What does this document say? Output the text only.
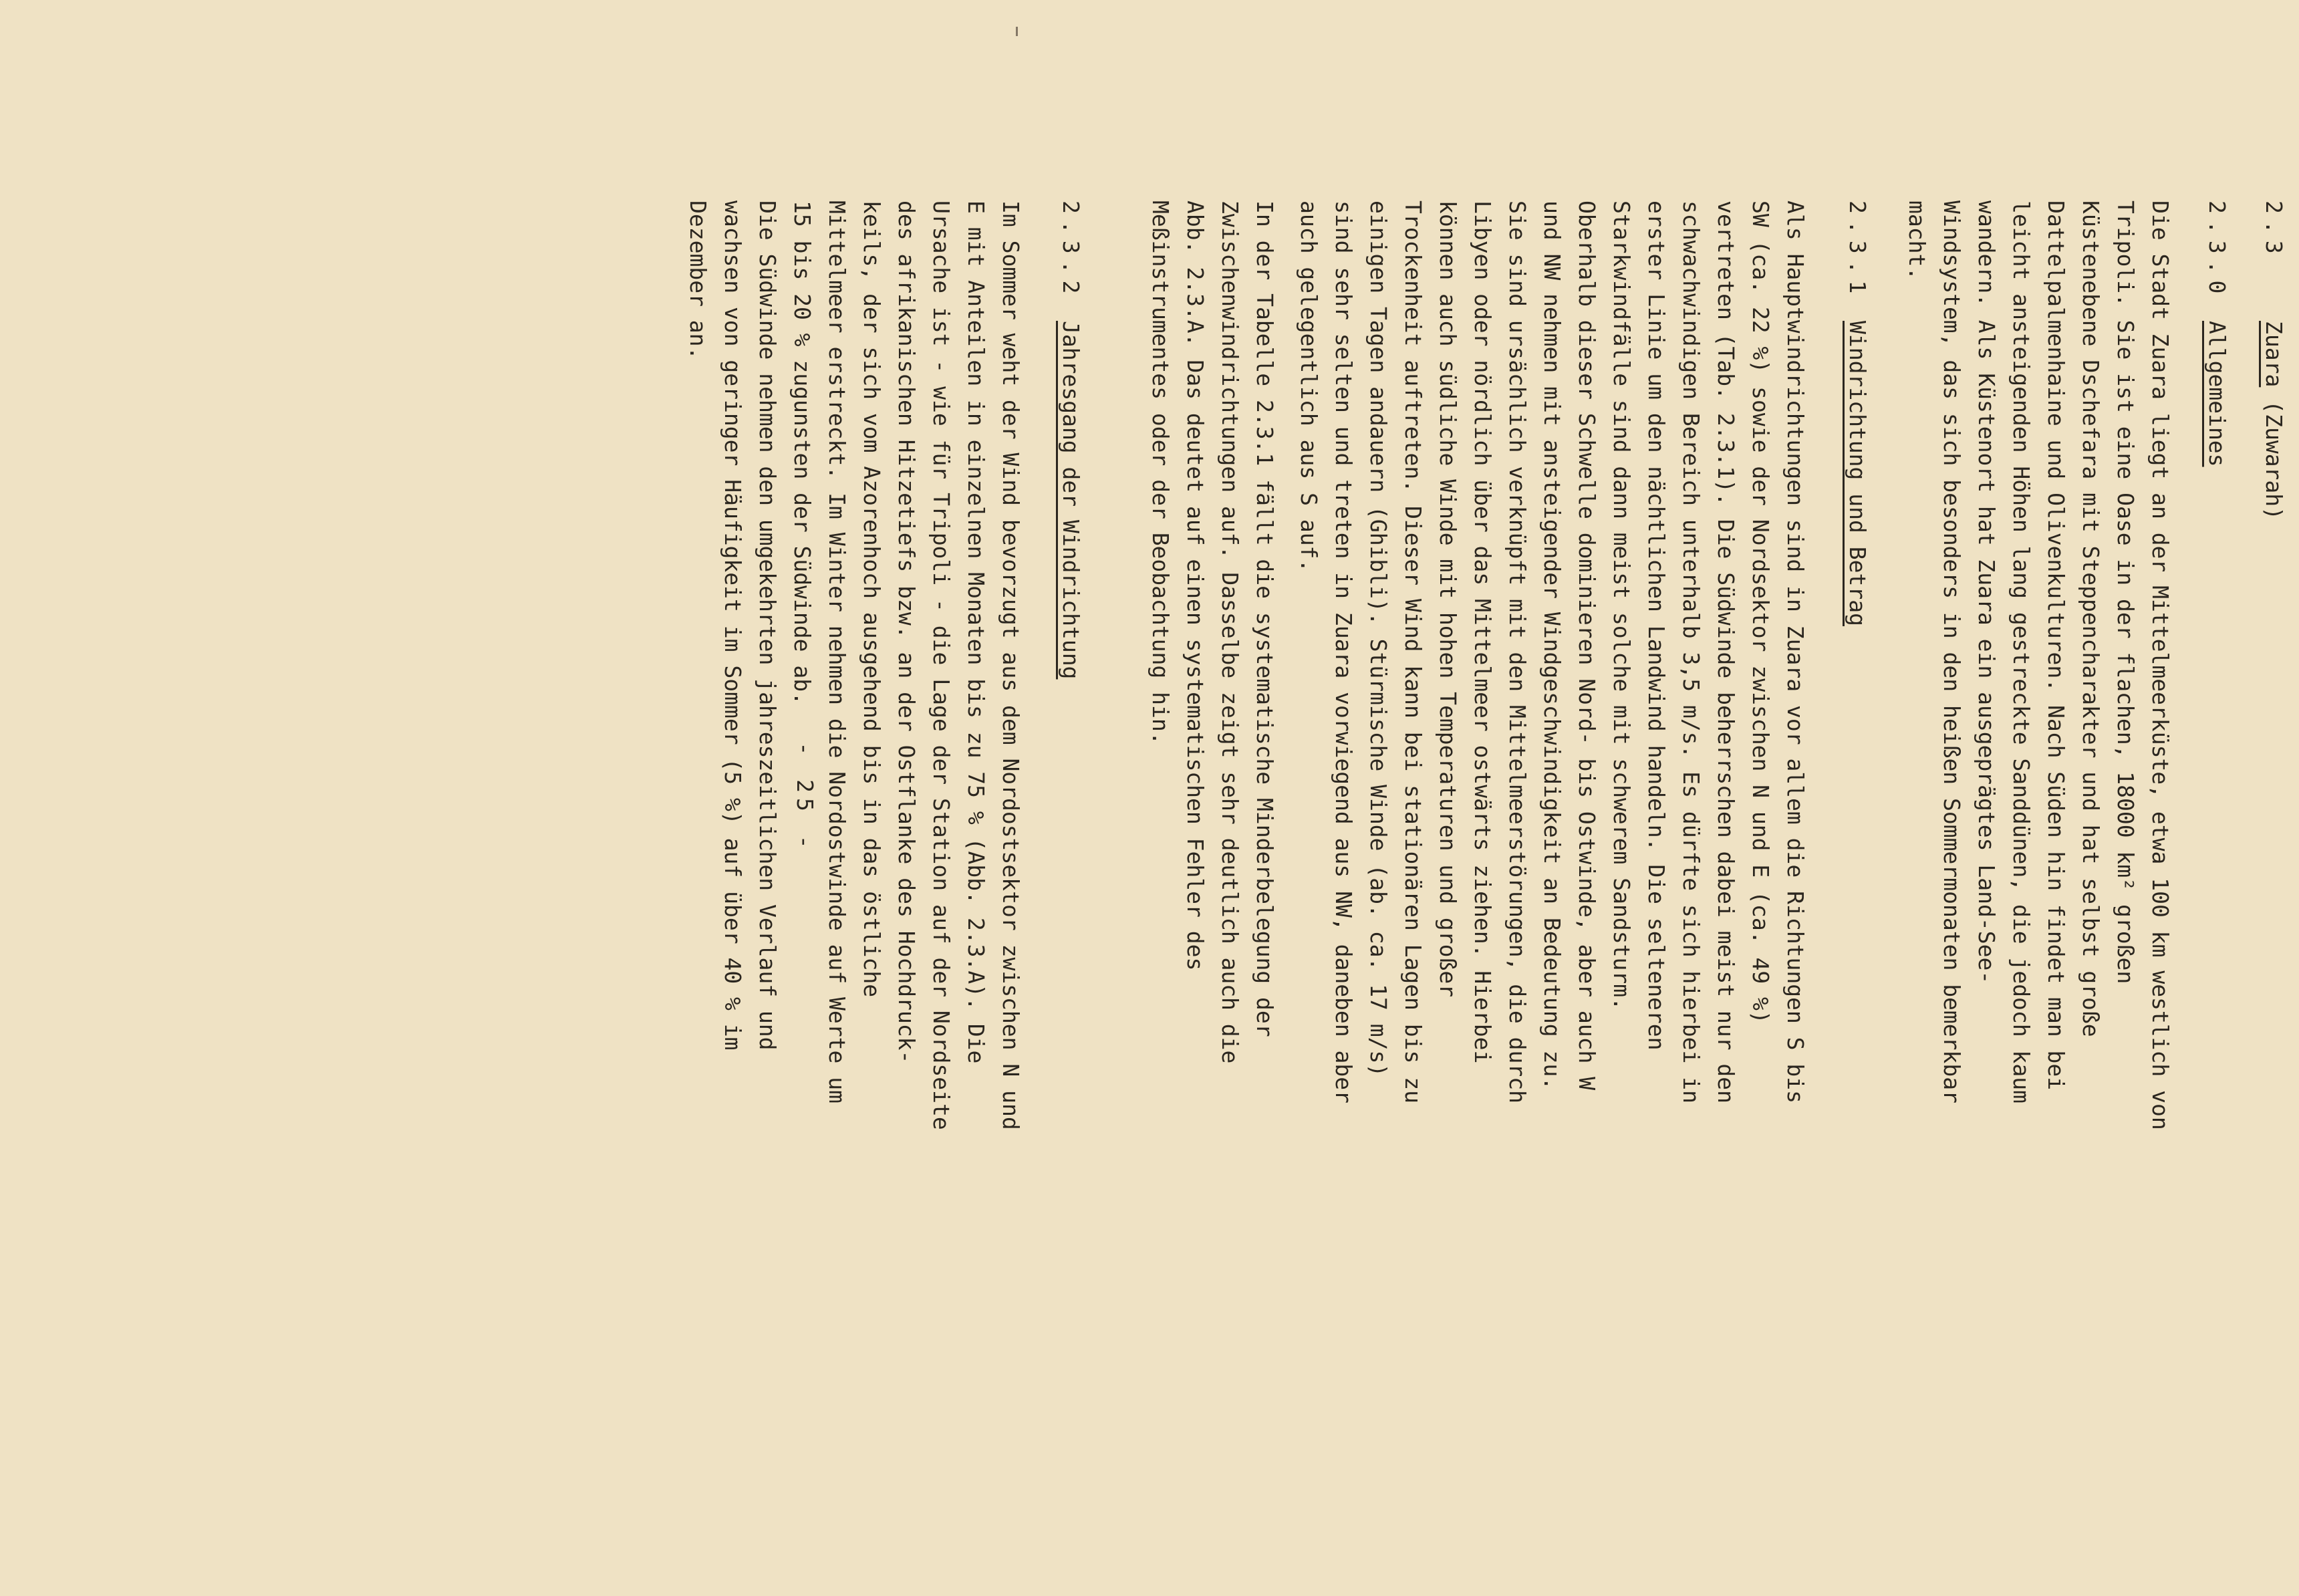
2.3
Zuara

(Zuwarah)
2.3.0
Allgemeines

Die Stadt Zuara liegt an der Mittelmeerküste, etwa 100 km westlich von

Tripoli. Sie ist eine Oase in der flachen, 18000 km² großen

Küstenebene Dschefara mit Steppencharakter und hat selbst große

Dattelpalmenhaine und Olivenkulturen. Nach Süden hin findet man bei

leicht ansteigenden Höhen lang gestreckte Sanddünen, die jedoch kaum

wandern. Als Küstenort hat Zuara ein ausgeprägtes Land-See-

Windsystem, das sich besonders in den heißen Sommermonaten bemerkbar

macht.

2.3.1
Windrichtung und Betrag

Als Hauptwindrichtungen sind in Zuara vor allem die Richtungen S bis

SW (ca. 22 %) sowie der Nordsektor zwischen N und E (ca. 49 %)

vertreten (Tab. 2.3.1). Die Südwinde beherrschen dabei meist nur den

schwachwindigen Bereich unterhalb 3,5 m/s. Es dürfte sich hierbei in

erster Linie um den nächtlichen Landwind handeln. Die selteneren

Starkwindfälle sind dann meist solche mit schwerem Sandsturm.

Oberhalb dieser Schwelle dominieren Nord- bis Ostwinde, aber auch W

und NW nehmen mit ansteigender Windgeschwindigkeit an Bedeutung zu.

Sie sind ursächlich verknüpft mit den Mittelmeerstörungen, die durch

Libyen oder nördlich über das Mittelmeer ostwärts ziehen. Hierbei

können auch südliche Winde mit hohen Temperaturen und großer

Trockenheit auftreten. Dieser Wind kann bei stationären Lagen bis zu

einigen Tagen andauern (Ghibli). Stürmische Winde (ab. ca. 17 m/s)

sind sehr selten und treten in Zuara vorwiegend aus NW, daneben aber

auch gelegentlich aus S auf.

In der Tabelle 2.3.1 fällt die systematische Minderbelegung der

Zwischenwindrichtungen auf. Dasselbe zeigt sehr deutlich auch die

Abb. 2.3.A. Das deutet auf einen systematischen Fehler des

Meßinstrumentes oder der Beobachtung hin.

2.3.2
Jahresgang der Windrichtung

Im Sommer weht der Wind bevorzugt aus dem Nordostsektor zwischen N und

E mit Anteilen in einzelnen Monaten bis zu 75 % (Abb. 2.3.A). Die

Ursache ist - wie für Tripoli - die Lage der Station auf der Nordseite

des afrikanischen Hitzetiefs bzw. an der Ostflanke des Hochdruck-

keils, der sich vom Azorenhoch ausgehend bis in das östliche

Mittelmeer erstreckt. Im Winter nehmen die Nordostwinde auf Werte um

15 bis 20 % zugunsten der Südwinde ab.

Die Südwinde nehmen den umgekehrten jahreszeitlichen Verlauf und

wachsen von geringer Häufigkeit im Sommer (5 %) auf über 40 % im

Dezember an.

- 25 -
